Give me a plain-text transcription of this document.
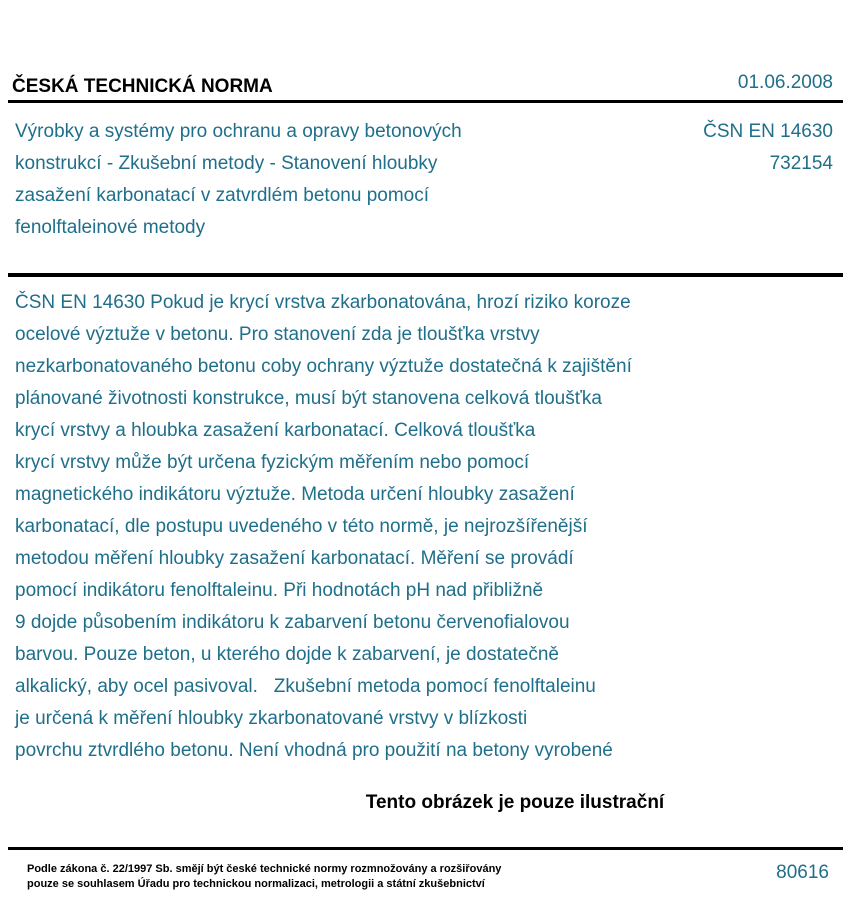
ČESKÁ TECHNICKÁ NORMA	01.06.2008
Výrobky a systémy pro ochranu a opravy betonových
konstrukcí - Zkušební metody - Stanovení hloubky
zasažení karbonatací v zatvrdlém betonu pomocí
fenolftaleinové metody
ČSN EN 14630
732154
ČSN EN 14630 Pokud je krycí vrstva zkarbonatována, hrozí riziko koroze
ocelové výztuže v betonu. Pro stanovení zda je tloušťka vrstvy
nezkarbonatovaného betonu coby ochrany výztuže dostatečná k zajištění
plánované životnosti konstrukce, musí být stanovena celková tloušťka
krycí vrstvy a hloubka zasažení karbonatací. Celková tloušťka
krycí vrstvy může být určena fyzickým měřením nebo pomocí
magnetického indikátoru výztuže. Metoda určení hloubky zasažení
karbonatací, dle postupu uvedeného v této normě, je nejrozšířenější
metodou měření hloubky zasažení karbonatací. Měření se provádí
pomocí indikátoru fenolftaleinu. Při hodnotách pH nad přibližně
9 dojde působením indikátoru k zabarvení betonu červenofialovou
barvou. Pouze beton, u kterého dojde k zabarvení, je dostatečně
alkalický, aby ocel pasivoval.   Zkušební metoda pomocí fenolftaleinu
je určená k měření hloubky zkarbonatované vrstvy v blízkosti
povrchu ztvrdlého betonu. Není vhodná pro použití na betony vyrobené
Tento obrázek je pouze ilustrační
Podle zákona č. 22/1997 Sb. smějí být české technické normy rozmnožovány a rozšiřovány
pouze se souhlasem Úřadu pro technickou normalizaci, metrologii a státní zkušebnictví
80616
